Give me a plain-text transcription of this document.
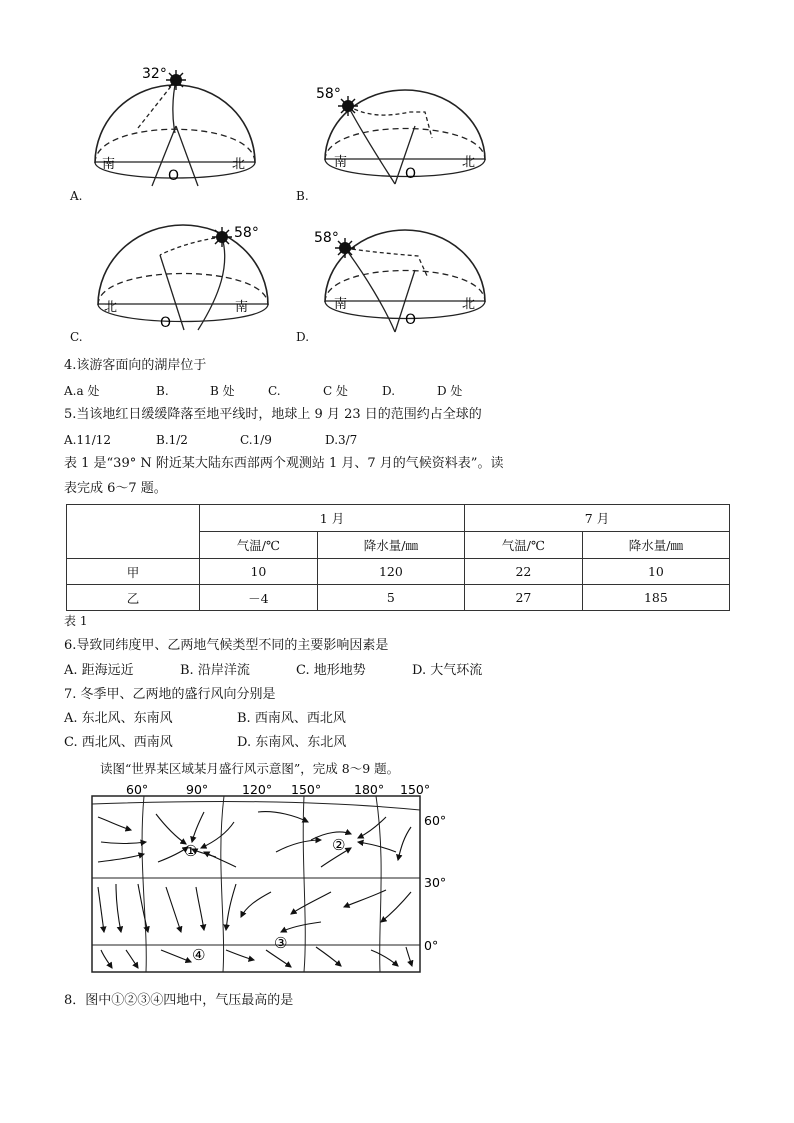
32°
南	北
O
A.
58°
南	北
O
B.
58°
北	南
O
C.
58°
南	北
O
D.
4.该游客面向的湖岸位于
A.a 处	B.	B 处	C.	C 处	D.	D 处
5.当该地红日缓缓降落至地平线时，地球上 9 月 23 日的范围约占全球的
A.11/12	B.1/2	C.1/9	D.3/7
表 1 是“39° N 附近某大陆东西部两个观测站 1 月、7 月的气候资料表”。读
表完成 6～7 题。
	1 月		7 月	
	气温/℃	降水量/㎜	气温/℃	降水量/㎜
甲	10	120	22	10
乙	－4	5	27	185
表 1
6.导致同纬度甲、乙两地气候类型不同的主要影响因素是
A. 距海远近	B. 沿岸洋流	C. 地形地势	D. 大气环流
7. 冬季甲、乙两地的盛行风向分别是
A. 东北风、东南风	B. 西南风、西北风
C. 西北风、西南风	D. 东南风、东北风
读图“世界某区域某月盛行风示意图”，完成 8～9 题。
60°	90°	120° 150°	180° 150°
60°
30°
0°
①	②
③
④
8．图中①②③④四地中，气压最高的是
